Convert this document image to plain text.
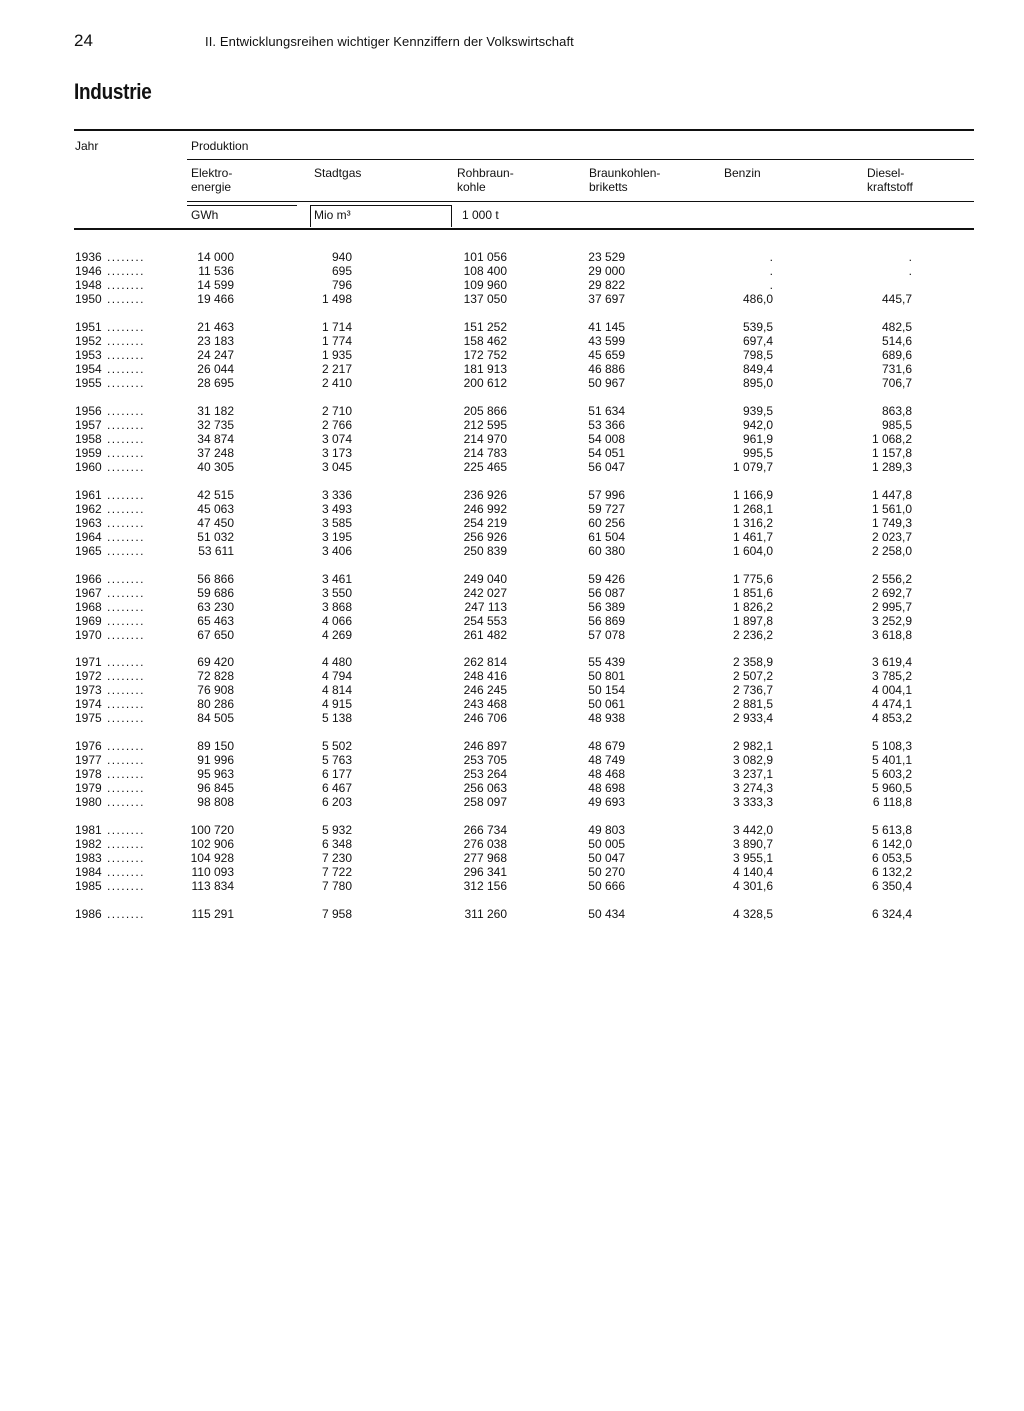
24	II. Entwicklungsreihen wichtiger Kennziffern der Volkswirtschaft
Industrie
Jahr	Produktion
Elektro-
energie
Stadtgas	Rohbraun-
kohle
Braunkohlen-
briketts
Benzin	Diesel-
kraftstoff
GWh	Mio m³	1 000 t
1936 ........	14 000	940	101 056	23 529	.	.
1946 ........	11 536	695	108 400	29 000	.	.
1948 ........	14 599	796	109 960	29 822	.
1950 ........	19 466	1 498	137 050	37 697	486,0	445,7
1951 ........	21 463	1 714	151 252	41 145	539,5	482,5
1952 ........	23 183	1 774	158 462	43 599	697,4	514,6
1953 ........	24 247	1 935	172 752	45 659	798,5	689,6
1954 ........	26 044	2 217	181 913	46 886	849,4	731,6
1955 ........	28 695	2 410	200 612	50 967	895,0	706,7
1956 ........	31 182	2 710	205 866	51 634	939,5	863,8
1957 ........	32 735	2 766	212 595	53 366	942,0	985,5
1958 ........	34 874	3 074	214 970	54 008	961,9	1 068,2
1959 ........	37 248	3 173	214 783	54 051	995,5	1 157,8
1960 ........	40 305	3 045	225 465	56 047	1 079,7	1 289,3
1961 ........	42 515	3 336	236 926	57 996	1 166,9	1 447,8
1962 ........	45 063	3 493	246 992	59 727	1 268,1	1 561,0
1963 ........	47 450	3 585	254 219	60 256	1 316,2	1 749,3
1964 ........	51 032	3 195	256 926	61 504	1 461,7	2 023,7
1965 ........	53 611	3 406	250 839	60 380	1 604,0	2 258,0
1966 ........	56 866	3 461	249 040	59 426	1 775,6	2 556,2
1967 ........	59 686	3 550	242 027	56 087	1 851,6	2 692,7
1968 ........	63 230	3 868	247 113	56 389	1 826,2	2 995,7
1969 ........	65 463	4 066	254 553	56 869	1 897,8	3 252,9
1970 ........	67 650	4 269	261 482	57 078	2 236,2	3 618,8
1971 ........	69 420	4 480	262 814	55 439	2 358,9	3 619,4
1972 ........	72 828	4 794	248 416	50 801	2 507,2	3 785,2
1973 ........	76 908	4 814	246 245	50 154	2 736,7	4 004,1
1974 ........	80 286	4 915	243 468	50 061	2 881,5	4 474,1
1975 ........	84 505	5 138	246 706	48 938	2 933,4	4 853,2
1976 ........	89 150	5 502	246 897	48 679	2 982,1	5 108,3
1977 ........	91 996	5 763	253 705	48 749	3 082,9	5 401,1
1978 ........	95 963	6 177	253 264	48 468	3 237,1	5 603,2
1979 ........	96 845	6 467	256 063	48 698	3 274,3	5 960,5
1980 ........	98 808	6 203	258 097	49 693	3 333,3	6 118,8
1981 ........	100 720	5 932	266 734	49 803	3 442,0	5 613,8
1982 ........	102 906	6 348	276 038	50 005	3 890,7	6 142,0
1983 ........	104 928	7 230	277 968	50 047	3 955,1	6 053,5
1984 ........	110 093	7 722	296 341	50 270	4 140,4	6 132,2
1985 ........	113 834	7 780	312 156	50 666	4 301,6	6 350,4
1986 ........	115 291	7 958	311 260	50 434	4 328,5	6 324,4
